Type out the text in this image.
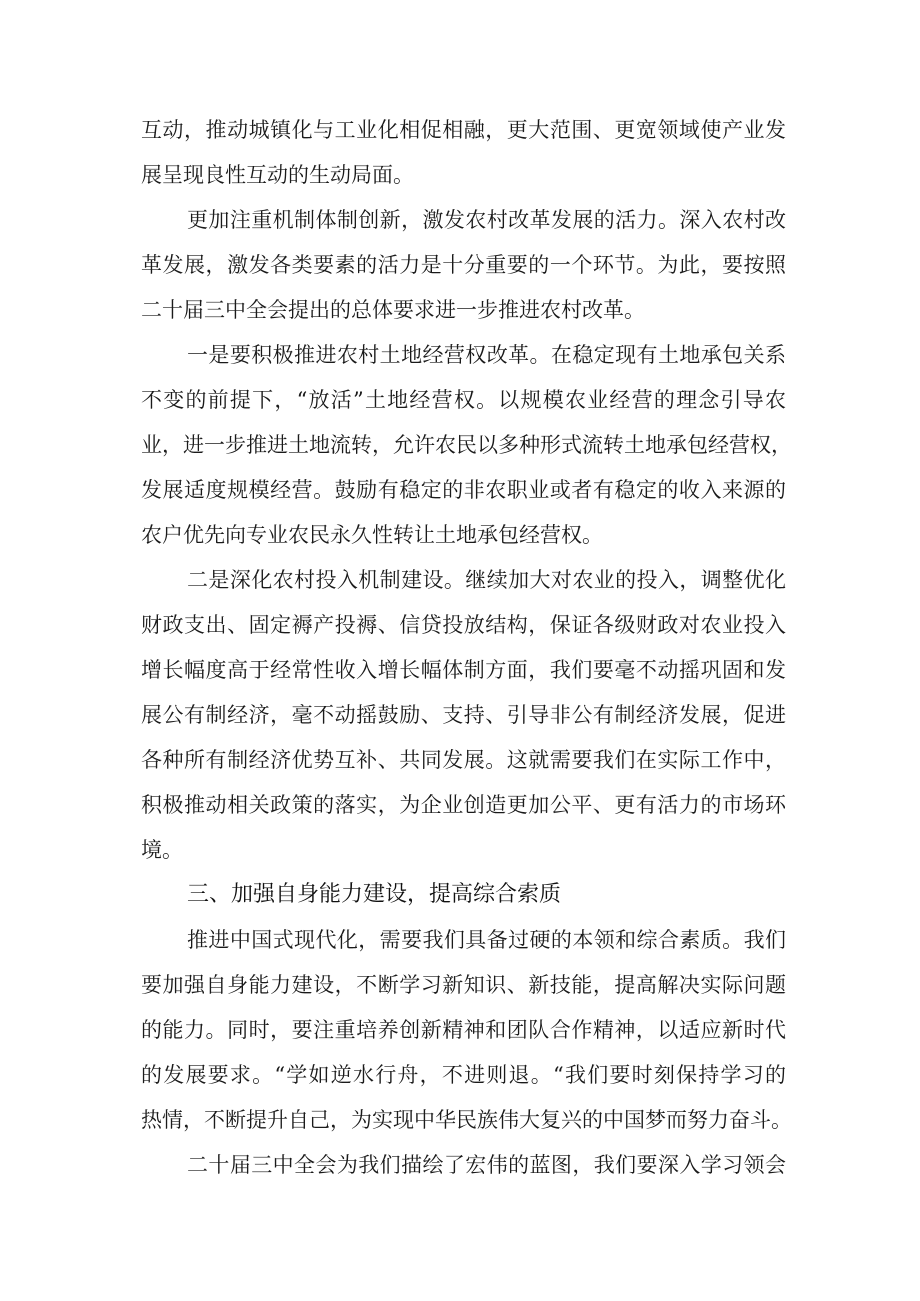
互动，推动城镇化与工业化相促相融，更大范围、更宽领域使产业发
展呈现良性互动的生动局面。
更加注重机制体制创新，激发农村改革发展的活力。深入农村改
革发展，激发各类要素的活力是十分重要的一个环节。为此，要按照
二十届三中全会提出的总体要求进一步推进农村改革。
一是要积极推进农村土地经营权改革。在稳定现有土地承包关系
不变的前提下，“放活”土地经营权。以规模农业经营的理念引导农
业，进一步推进土地流转，允许农民以多种形式流转土地承包经营权，
发展适度规模经营。鼓励有稳定的非农职业或者有稳定的收入来源的
农户优先向专业农民永久性转让土地承包经营权。
二是深化农村投入机制建设。继续加大对农业的投入，调整优化
财政支出、固定褥产投褥、信贷投放结构，保证各级财政对农业投入
增长幅度高于经常性收入增长幅体制方面，我们要毫不动摇巩固和发
展公有制经济，毫不动摇鼓励、支持、引导非公有制经济发展，促进
各种所有制经济优势互补、共同发展。这就需要我们在实际工作中，
积极推动相关政策的落实，为企业创造更加公平、更有活力的市场环
境。
三、加强自身能力建设，提高综合索质
推进中国式现代化，需要我们具备过硬的本领和综合素质。我们
要加强自身能力建设，不断学习新知识、新技能，提高解决实际问题
的能力。同时，要注重培养创新精神和团队合作精神，以适应新时代
的发展要求。“学如逆水行舟，不进则退。“我们要时刻保持学习的
热情，不断提升自己，为实现中华民族伟大复兴的中国梦而努力奋斗。
二十届三中全会为我们描绘了宏伟的蓝图，我们要深入学习领会
